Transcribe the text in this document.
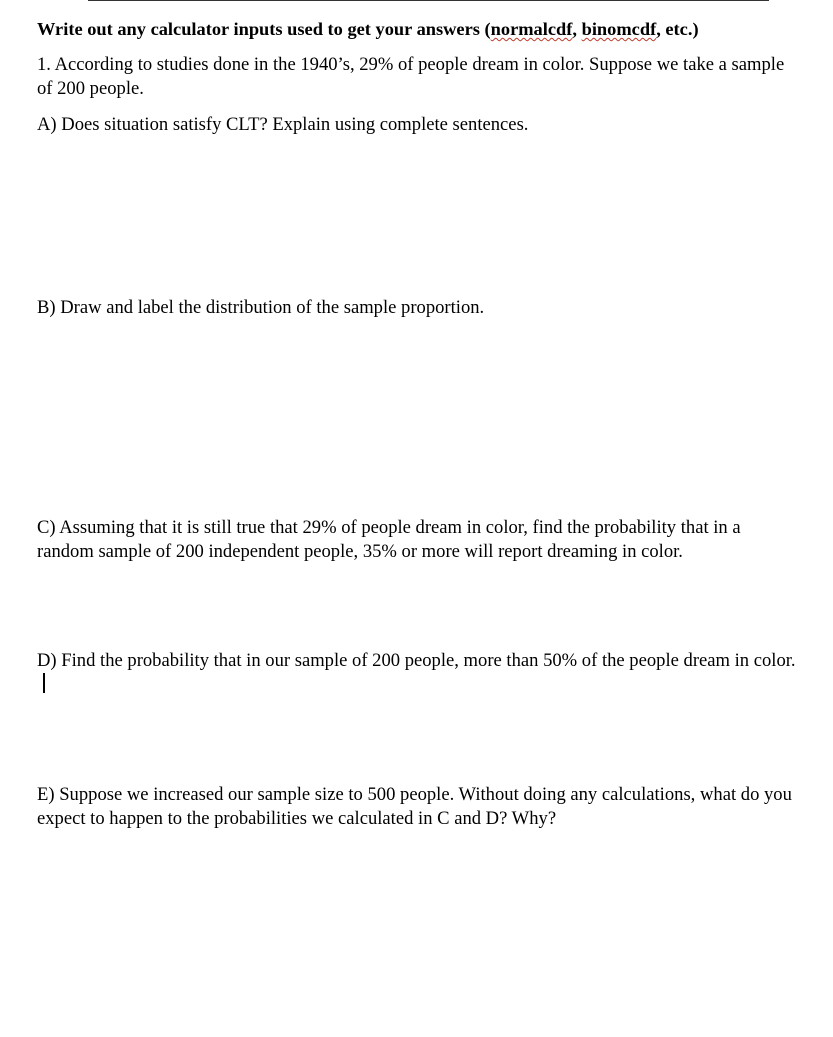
Write out any calculator inputs used to get your answers (normalcdf, binomcdf, etc.)

1. According to studies done in the 1940’s, 29% of people dream in color. Suppose we take a sample of 200 people.

A) Does situation satisfy CLT? Explain using complete sentences.

B) Draw and label the distribution of the sample proportion.

C) Assuming that it is still true that 29% of people dream in color, find the probability that in a random sample of 200 independent people, 35% or more will report dreaming in color.

D) Find the probability that in our sample of 200 people, more than 50% of the people dream in color.

E) Suppose we increased our sample size to 500 people. Without doing any calculations, what do you expect to happen to the probabilities we calculated in C and D? Why?
